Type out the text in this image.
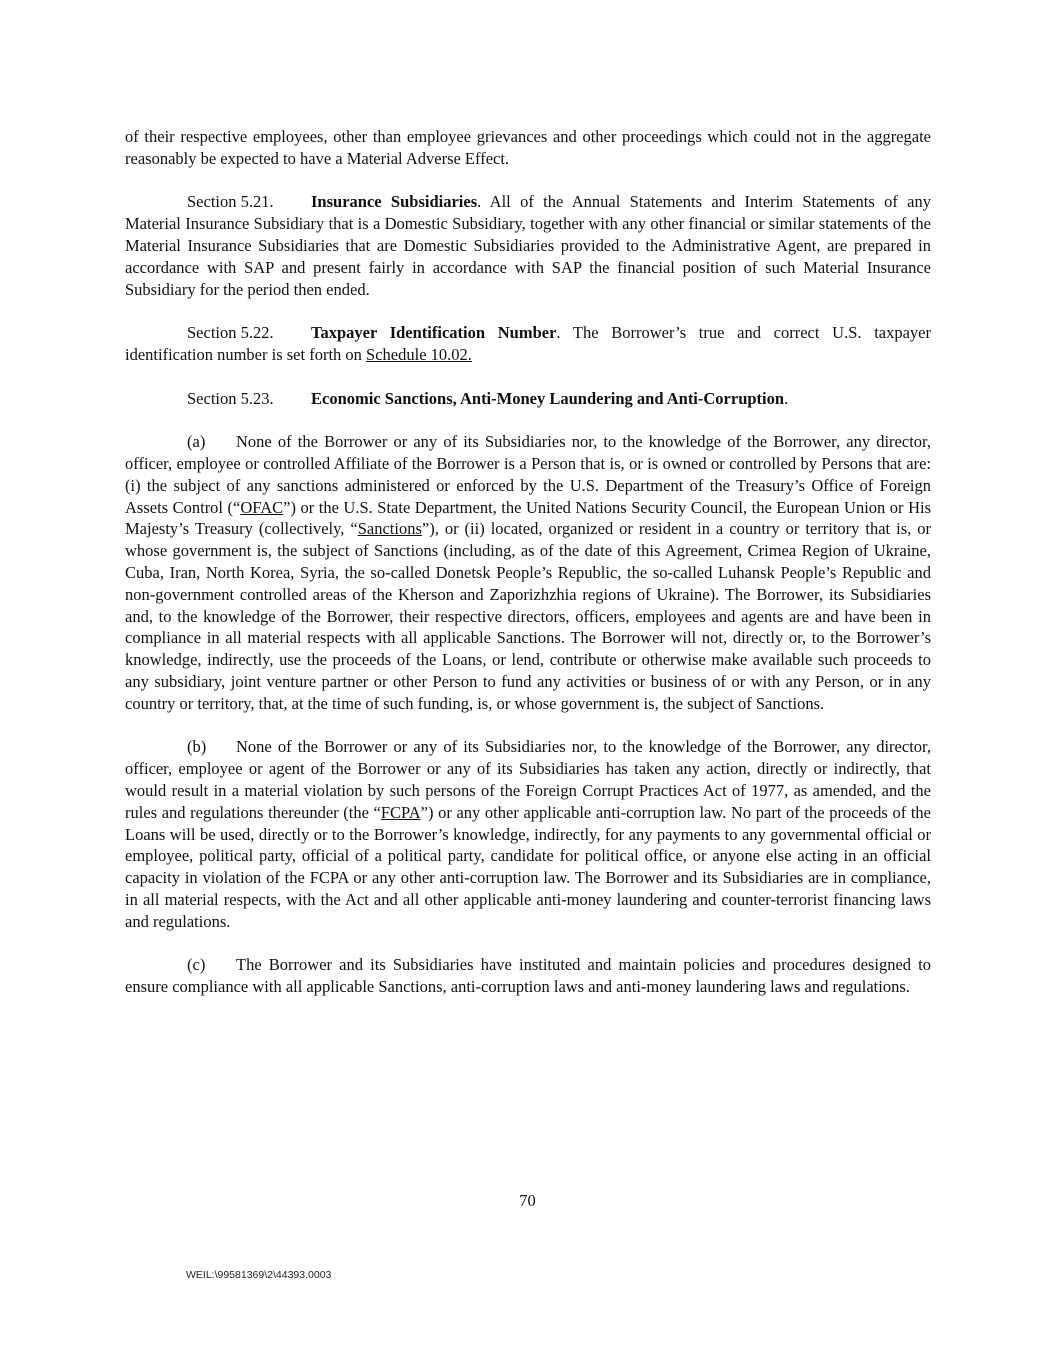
of their respective employees, other than employee grievances and other proceedings which could not in the aggregate reasonably be expected to have a Material Adverse Effect.

Section 5.21. Insurance Subsidiaries. All of the Annual Statements and Interim Statements of any Material Insurance Subsidiary that is a Domestic Subsidiary, together with any other financial or similar statements of the Material Insurance Subsidiaries that are Domestic Subsidiaries provided to the Administrative Agent, are prepared in accordance with SAP and present fairly in accordance with SAP the financial position of such Material Insurance Subsidiary for the period then ended.

Section 5.22. Taxpayer Identification Number. The Borrower’s true and correct U.S. taxpayer identification number is set forth on Schedule 10.02.

Section 5.23. Economic Sanctions, Anti-Money Laundering and Anti-Corruption.

(a) None of the Borrower or any of its Subsidiaries nor, to the knowledge of the Borrower, any director, officer, employee or controlled Affiliate of the Borrower is a Person that is, or is owned or controlled by Persons that are: (i) the subject of any sanctions administered or enforced by the U.S. Department of the Treasury’s Office of Foreign Assets Control (“OFAC”) or the U.S. State Department, the United Nations Security Council, the European Union or His Majesty’s Treasury (collectively, “Sanctions”), or (ii) located, organized or resident in a country or territory that is, or whose government is, the subject of Sanctions (including, as of the date of this Agreement, Crimea Region of Ukraine, Cuba, Iran, North Korea, Syria, the so-called Donetsk People’s Republic, the so-called Luhansk People’s Republic and non-government controlled areas of the Kherson and Zaporizhzhia regions of Ukraine). The Borrower, its Subsidiaries and, to the knowledge of the Borrower, their respective directors, officers, employees and agents are and have been in compliance in all material respects with all applicable Sanctions. The Borrower will not, directly or, to the Borrower’s knowledge, indirectly, use the proceeds of the Loans, or lend, contribute or otherwise make available such proceeds to any subsidiary, joint venture partner or other Person to fund any activities or business of or with any Person, or in any country or territory, that, at the time of such funding, is, or whose government is, the subject of Sanctions.

(b) None of the Borrower or any of its Subsidiaries nor, to the knowledge of the Borrower, any director, officer, employee or agent of the Borrower or any of its Subsidiaries has taken any action, directly or indirectly, that would result in a material violation by such persons of the Foreign Corrupt Practices Act of 1977, as amended, and the rules and regulations thereunder (the “FCPA”) or any other applicable anti-corruption law. No part of the proceeds of the Loans will be used, directly or to the Borrower’s knowledge, indirectly, for any payments to any governmental official or employee, political party, official of a political party, candidate for political office, or anyone else acting in an official capacity in violation of the FCPA or any other anti-corruption law. The Borrower and its Subsidiaries are in compliance, in all material respects, with the Act and all other applicable anti-money laundering and counter-terrorist financing laws and regulations.

(c) The Borrower and its Subsidiaries have instituted and maintain policies and procedures designed to ensure compliance with all applicable Sanctions, anti-corruption laws and anti-money laundering laws and regulations.

70
WEIL:\99581369\2\44393.0003
